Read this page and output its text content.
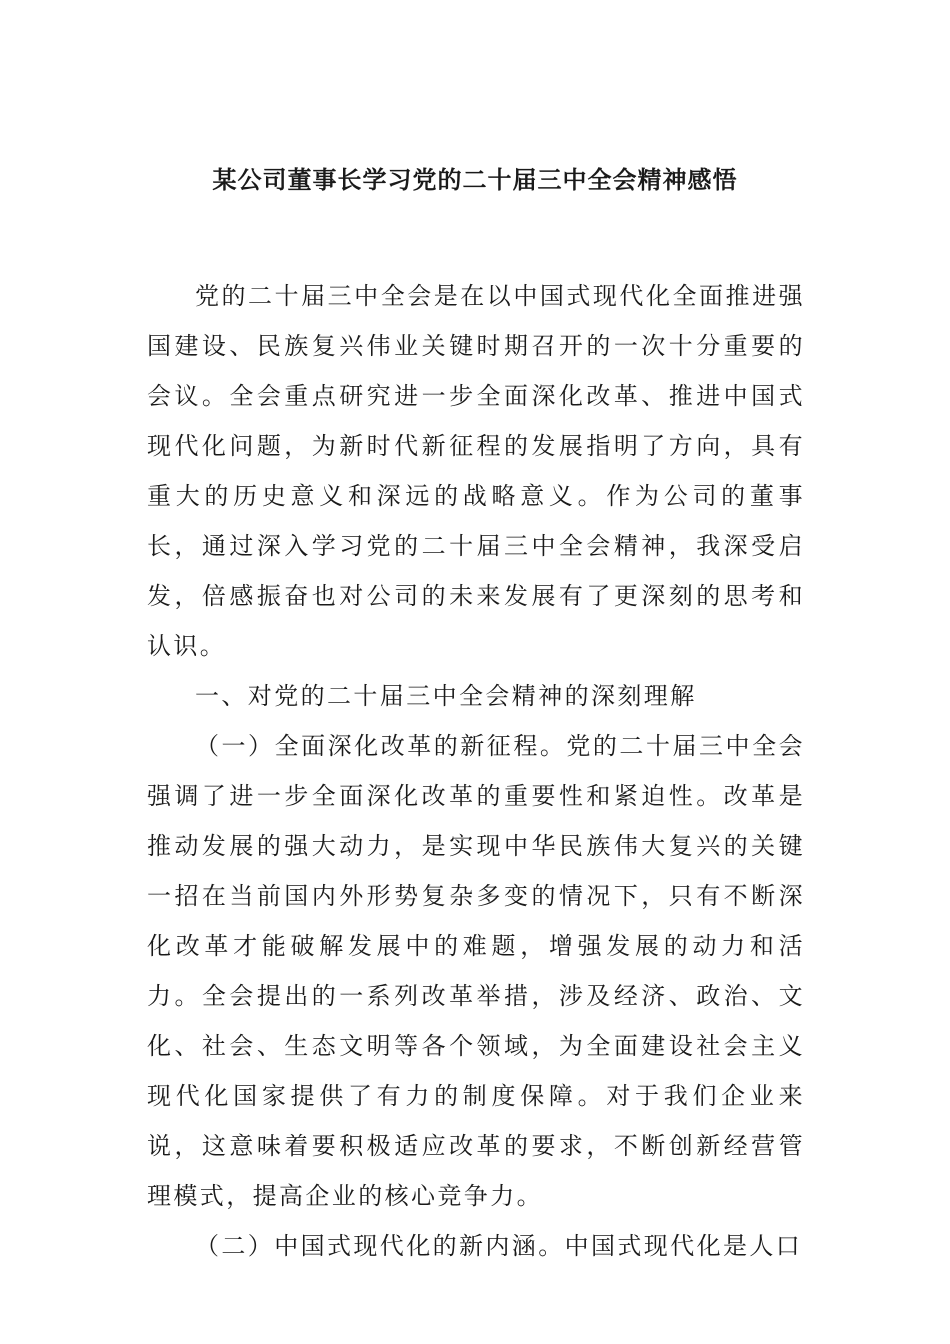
某公司董事长学习党的二十届三中全会精神感悟

党的二十届三中全会是在以中国式现代化全面推进强国建设、民族复兴伟业关键时期召开的一次十分重要的会议。全会重点研究进一步全面深化改革、推进中国式现代化问题，为新时代新征程的发展指明了方向，具有重大的历史意义和深远的战略意义。作为公司的董事长，通过深入学习党的二十届三中全会精神，我深受启发，倍感振奋也对公司的未来发展有了更深刻的思考和认识。

一、对党的二十届三中全会精神的深刻理解

（一）全面深化改革的新征程。党的二十届三中全会强调了进一步全面深化改革的重要性和紧迫性。改革是推动发展的强大动力，是实现中华民族伟大复兴的关键一招在当前国内外形势复杂多变的情况下，只有不断深化改革才能破解发展中的难题，增强发展的动力和活力。全会提出的一系列改革举措，涉及经济、政治、文化、社会、生态文明等各个领域，为全面建设社会主义现代化国家提供了有力的制度保障。对于我们企业来说，这意味着要积极适应改革的要求，不断创新经营管理模式，提高企业的核心竞争力。

（二）中国式现代化的新内涵。中国式现代化是人口
